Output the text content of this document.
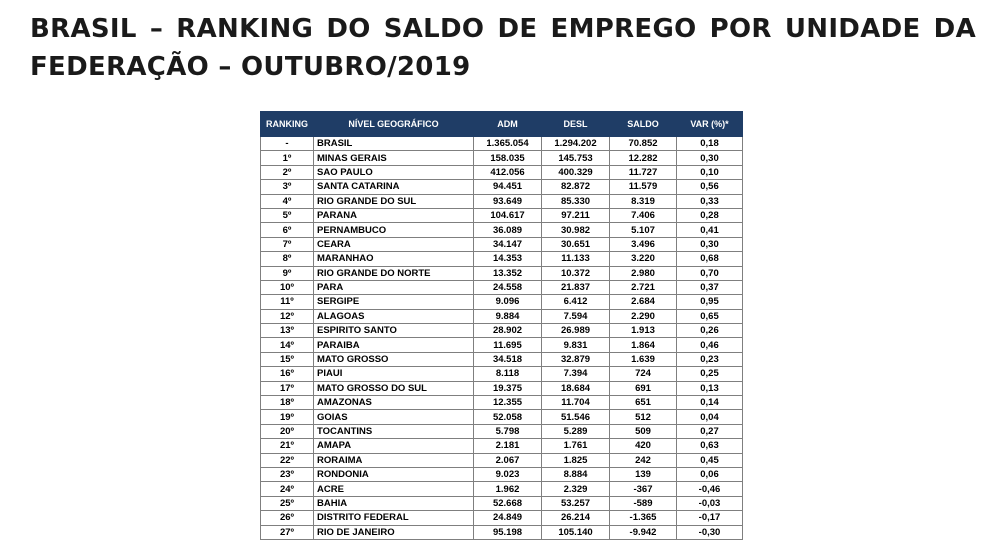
BRASIL – RANKING DO SALDO DE EMPREGO POR UNIDADE DA
FEDERAÇÃO – OUTUBRO/2019
RANKING	NÍVEL GEOGRÁFICO	ADM	DESL	SALDO	VAR (%)*
-	BRASIL	1.365.054	1.294.202	70.852	0,18
1º	MINAS GERAIS	158.035	145.753	12.282	0,30
2º	SAO PAULO	412.056	400.329	11.727	0,10
3º	SANTA CATARINA	94.451	82.872	11.579	0,56
4º	RIO GRANDE DO SUL	93.649	85.330	8.319	0,33
5º	PARANA	104.617	97.211	7.406	0,28
6º	PERNAMBUCO	36.089	30.982	5.107	0,41
7º	CEARA	34.147	30.651	3.496	0,30
8º	MARANHAO	14.353	11.133	3.220	0,68
9º	RIO GRANDE DO NORTE	13.352	10.372	2.980	0,70
10º	PARA	24.558	21.837	2.721	0,37
11º	SERGIPE	9.096	6.412	2.684	0,95
12º	ALAGOAS	9.884	7.594	2.290	0,65
13º	ESPIRITO SANTO	28.902	26.989	1.913	0,26
14º	PARAIBA	11.695	9.831	1.864	0,46
15º	MATO GROSSO	34.518	32.879	1.639	0,23
16º	PIAUI	8.118	7.394	724	0,25
17º	MATO GROSSO DO SUL	19.375	18.684	691	0,13
18º	AMAZONAS	12.355	11.704	651	0,14
19º	GOIAS	52.058	51.546	512	0,04
20º	TOCANTINS	5.798	5.289	509	0,27
21º	AMAPA	2.181	1.761	420	0,63
22º	RORAIMA	2.067	1.825	242	0,45
23º	RONDONIA	9.023	8.884	139	0,06
24º	ACRE	1.962	2.329	-367	-0,46
25º	BAHIA	52.668	53.257	-589	-0,03
26º	DISTRITO FEDERAL	24.849	26.214	-1.365	-0,17
27º	RIO DE JANEIRO	95.198	105.140	-9.942	-0,30
